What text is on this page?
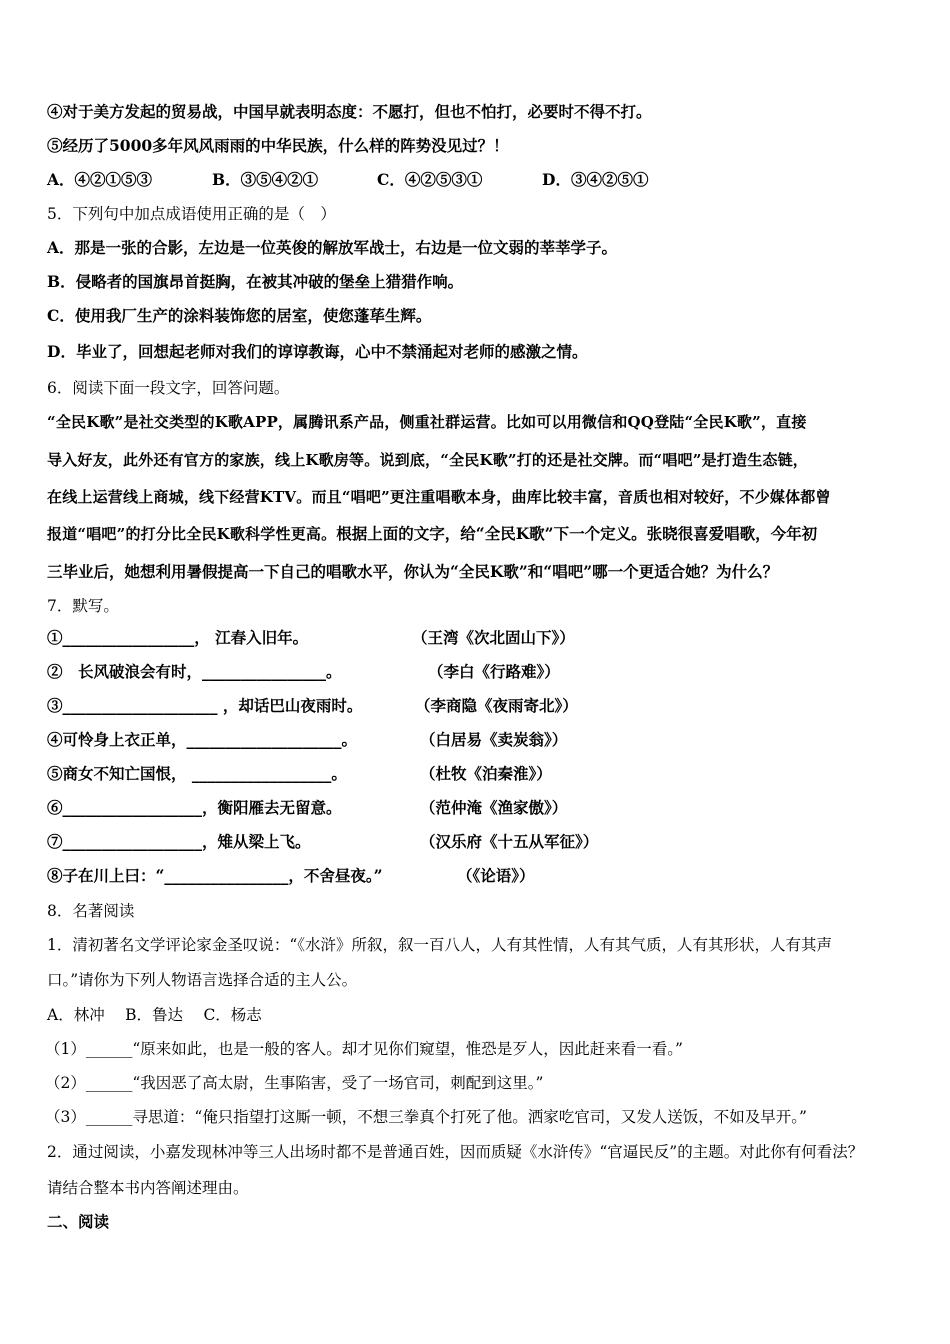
④对于美方发起的贸易战，中国早就表明态度：不愿打，但也不怕打，必要时不得不打。
⑤经历了5000多年风风雨雨的中华民族，什么样的阵势没见过？！
A．④②①⑤③	B．③⑤④②①	C．④②⑤③①	D．③④②⑤①
5．下列句中加点成语使用正确的是（　）
A．那是一张的合影，左边是一位英俊的解放军战士，右边是一位文弱的莘莘学子。
B．侵略者的国旗昂首挺胸，在被其冲破的堡垒上猎猎作响。
C．使用我厂生产的涂料装饰您的居室，使您蓬荜生辉。
D．毕业了，回想起老师对我们的谆谆教诲，心中不禁涌起对老师的感激之情。
6．阅读下面一段文字，回答问题。
“全民K歌”是社交类型的K歌APP，属腾讯系产品，侧重社群运营。比如可以用微信和QQ登陆“全民K歌”，直接
导入好友，此外还有官方的家族，线上K歌房等。说到底，“全民K歌”打的还是社交牌。而“唱吧”是打造生态链，
在线上运营线上商城，线下经营KTV。而且“唱吧”更注重唱歌本身，曲库比较丰富，音质也相对较好，不少媒体都曾
报道“唱吧”的打分比全民K歌科学性更高。根据上面的文字，给“全民K歌”下一个定义。张晓很喜爱唱歌，今年初
三毕业后，她想利用暑假提高一下自己的唱歌水平，你认为“全民K歌”和“唱吧”哪一个更适合她？为什么？
7．默写。
①_________________， 江春入旧年。	（王湾《次北固山下》）
②　长风破浪会有时，________________。	（李白《行路难》）
③____________________ ，却话巴山夜雨时。	（李商隐《夜雨寄北》）
④可怜身上衣正单，____________________。	（白居易《卖炭翁》）
⑤商女不知亡国恨， __________________。	（杜牧《泊秦淮》）
⑥__________________，衡阳雁去无留意。	（范仲淹《渔家傲》）
⑦__________________，雉从梁上飞。	（汉乐府《十五从军征》）
⑧子在川上曰：“________________，不舍昼夜。”	（《论语》）
8．名著阅读
1．清初著名文学评论家金圣叹说：“《水浒》所叙，叙一百八人，人有其性情，人有其气质，人有其形状，人有其声
口。”请你为下列人物语言选择合适的主人公。
A．林冲　 B．鲁达　 C．杨志
（1）______“原来如此，也是一般的客人。却才见你们窥望，惟恐是歹人，因此赶来看一看。”
（2）______“我因恶了高太尉，生事陷害，受了一场官司，刺配到这里。”
（3）______寻思道：“俺只指望打这厮一顿，不想三拳真个打死了他。洒家吃官司，又发人送饭，不如及早开。”
2．通过阅读，小嘉发现林冲等三人出场时都不是普通百姓，因而质疑《水浒传》“官逼民反”的主题。对此你有何看法？
请结合整本书内答阐述理由。
二、阅读
